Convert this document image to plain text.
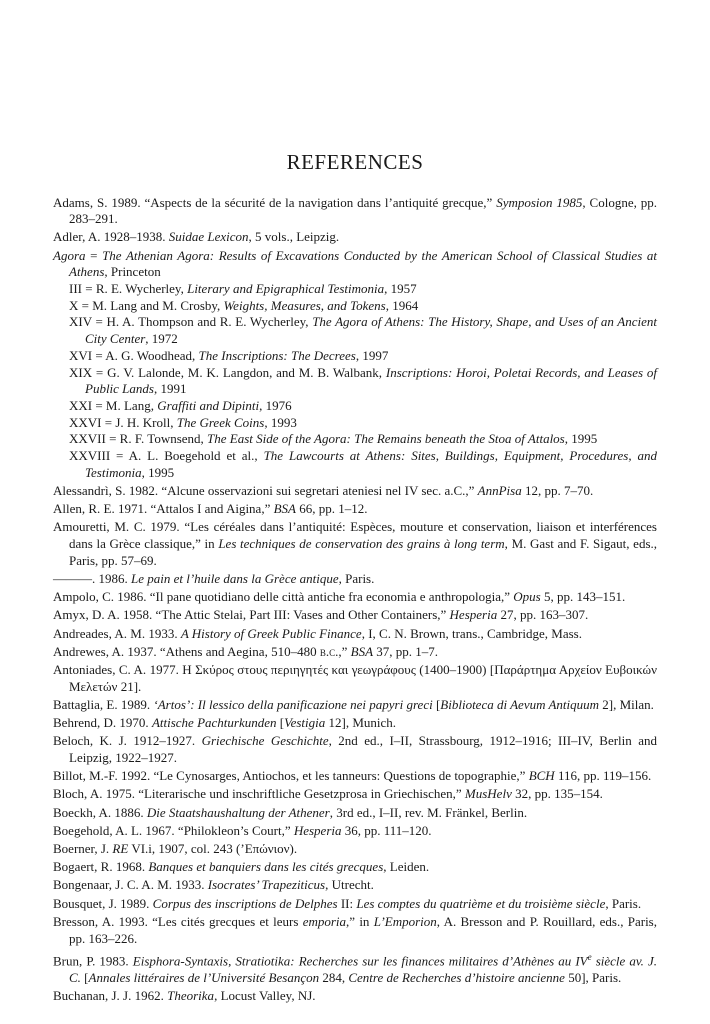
REFERENCES
Adams, S. 1989. “Aspects de la sécurité de la navigation dans l’antiquité grecque,” Symposion 1985, Cologne, pp. 283–291.
Adler, A. 1928–1938. Suidae Lexicon, 5 vols., Leipzig.
Agora = The Athenian Agora: Results of Excavations Conducted by the American School of Classical Studies at Athens, Princeton
III = R. E. Wycherley, Literary and Epigraphical Testimonia, 1957
X = M. Lang and M. Crosby, Weights, Measures, and Tokens, 1964
XIV = H. A. Thompson and R. E. Wycherley, The Agora of Athens: The History, Shape, and Uses of an Ancient City Center, 1972
XVI = A. G. Woodhead, The Inscriptions: The Decrees, 1997
XIX = G. V. Lalonde, M. K. Langdon, and M. B. Walbank, Inscriptions: Horoi, Poletai Records, and Leases of Public Lands, 1991
XXI = M. Lang, Graffiti and Dipinti, 1976
XXVI = J. H. Kroll, The Greek Coins, 1993
XXVII = R. F. Townsend, The East Side of the Agora: The Remains beneath the Stoa of Attalos, 1995
XXVIII = A. L. Boegehold et al., The Lawcourts at Athens: Sites, Buildings, Equipment, Procedures, and Testimonia, 1995
Alessandrì, S. 1982. “Alcune osservazioni sui segretari ateniesi nel IV sec. a.C.,” AnnPisa 12, pp. 7–70.
Allen, R. E. 1971. “Attalos I and Aigina,” BSA 66, pp. 1–12.
Amouretti, M. C. 1979. “Les céréales dans l’antiquité: Espèces, mouture et conservation, liaison et interférences dans la Grèce classique,” in Les techniques de conservation des grains à long term, M. Gast and F. Sigaut, eds., Paris, pp. 57–69.
———. 1986. Le pain et l’huile dans la Grèce antique, Paris.
Ampolo, C. 1986. “Il pane quotidiano delle città antiche fra economia e anthropologia,” Opus 5, pp. 143–151.
Amyx, D. A. 1958. “The Attic Stelai, Part III: Vases and Other Containers,” Hesperia 27, pp. 163–307.
Andreades, A. M. 1933. A History of Greek Public Finance, I, C. N. Brown, trans., Cambridge, Mass.
Andrewes, A. 1937. “Athens and Aegina, 510–480 b.c.,” BSA 37, pp. 1–7.
Antoniades, C. A. 1977. Η Σκύρος στους περιηγητές και γεωγράφους (1400–1900) [Παράρτημα Αρχείον Ευβοικών Μελετών 21].
Battaglia, E. 1989. ‘Artos’: Il lessico della panificazione nei papyri greci [Biblioteca di Aevum Antiquum 2], Milan.
Behrend, D. 1970. Attische Pachturkunden [Vestigia 12], Munich.
Beloch, K. J. 1912–1927. Griechische Geschichte, 2nd ed., I–II, Strassbourg, 1912–1916; III–IV, Berlin and Leipzig, 1922–1927.
Billot, M.-F. 1992. “Le Cynosarges, Antiochos, et les tanneurs: Questions de topographie,” BCH 116, pp. 119–156.
Bloch, A. 1975. “Literarische und inschriftliche Gesetzprosa in Griechischen,” MusHelv 32, pp. 135–154.
Boeckh, A. 1886. Die Staatshaushaltung der Athener, 3rd ed., I–II, rev. M. Fränkel, Berlin.
Boegehold, A. L. 1967. “Philokleon’s Court,” Hesperia 36, pp. 111–120.
Boerner, J. RE VI.i, 1907, col. 243 (’Επώνιον).
Bogaert, R. 1968. Banques et banquiers dans les cités grecques, Leiden.
Bongenaar, J. C. A. M. 1933. Isocrates’ Trapeziticus, Utrecht.
Bousquet, J. 1989. Corpus des inscriptions de Delphes II: Les comptes du quatrième et du troisième siècle, Paris.
Bresson, A. 1993. “Les cités grecques et leurs emporia,” in L’Emporion, A. Bresson and P. Rouillard, eds., Paris, pp. 163–226.
Brun, P. 1983. Eisphora-Syntaxis, Stratiotika: Recherches sur les finances militaires d’Athènes au IVe siècle av. J. C. [Annales littéraires de l’Université Besançon 284, Centre de Recherches d’histoire ancienne 50], Paris.
Buchanan, J. J. 1962. Theorika, Locust Valley, NJ.
